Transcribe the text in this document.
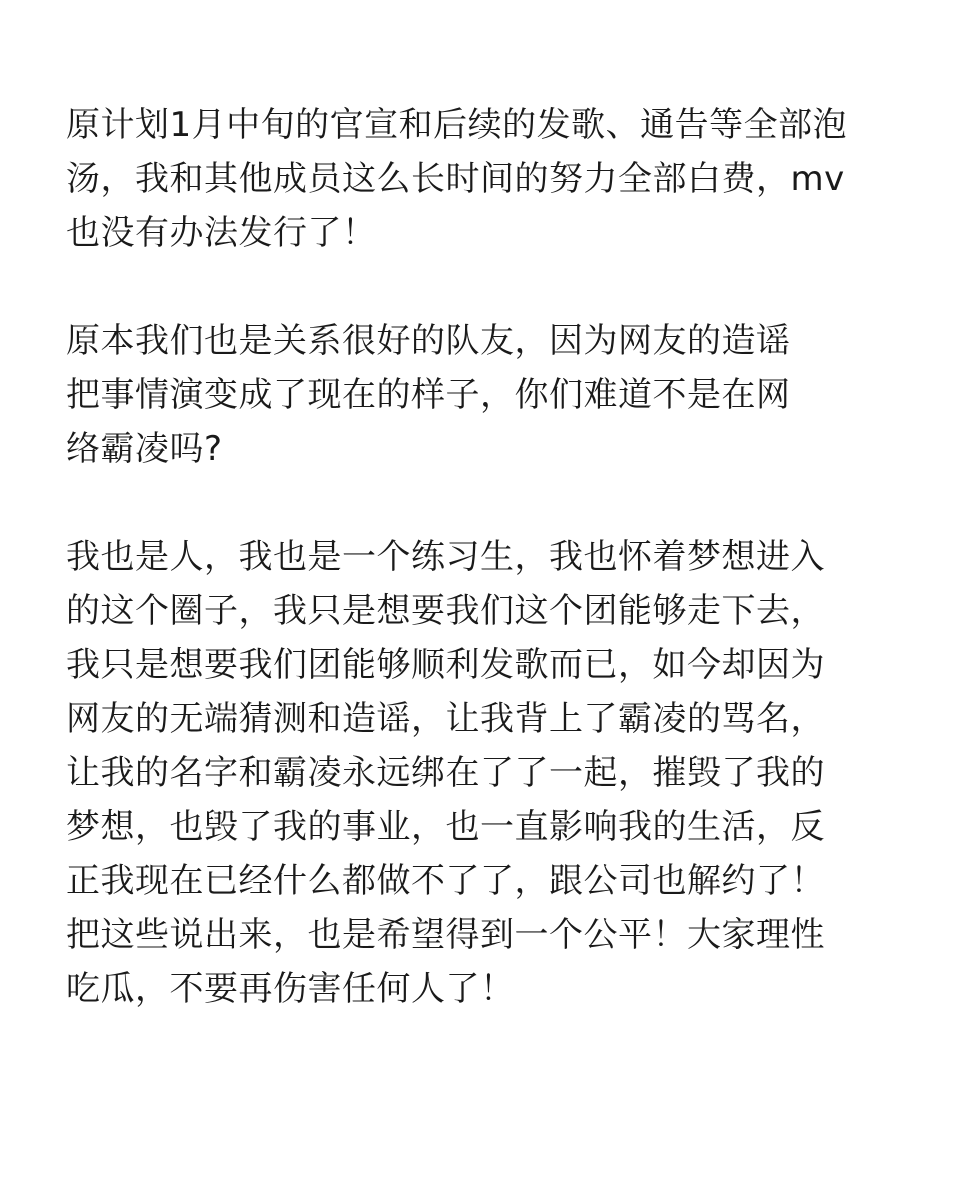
原计划1月中旬的官宣和后续的发歌、通告等全部泡
汤，我和其他成员这么长时间的努力全部白费，mv
也没有办法发行了！
原本我们也是关系很好的队友，因为网友的造谣
把事情演变成了现在的样子，你们难道不是在网
络霸凌吗?
我也是人，我也是一个练习生，我也怀着梦想进入
的这个圈子，我只是想要我们这个团能够走下去，
我只是想要我们团能够顺利发歌而已，如今却因为
网友的无端猜测和造谣，让我背上了霸凌的骂名，
让我的名字和霸凌永远绑在了了一起，摧毁了我的
梦想，也毁了我的事业，也一直影响我的生活，反
正我现在已经什么都做不了了，跟公司也解约了！
把这些说出来，也是希望得到一个公平！大家理性
吃瓜，不要再伤害任何人了！
